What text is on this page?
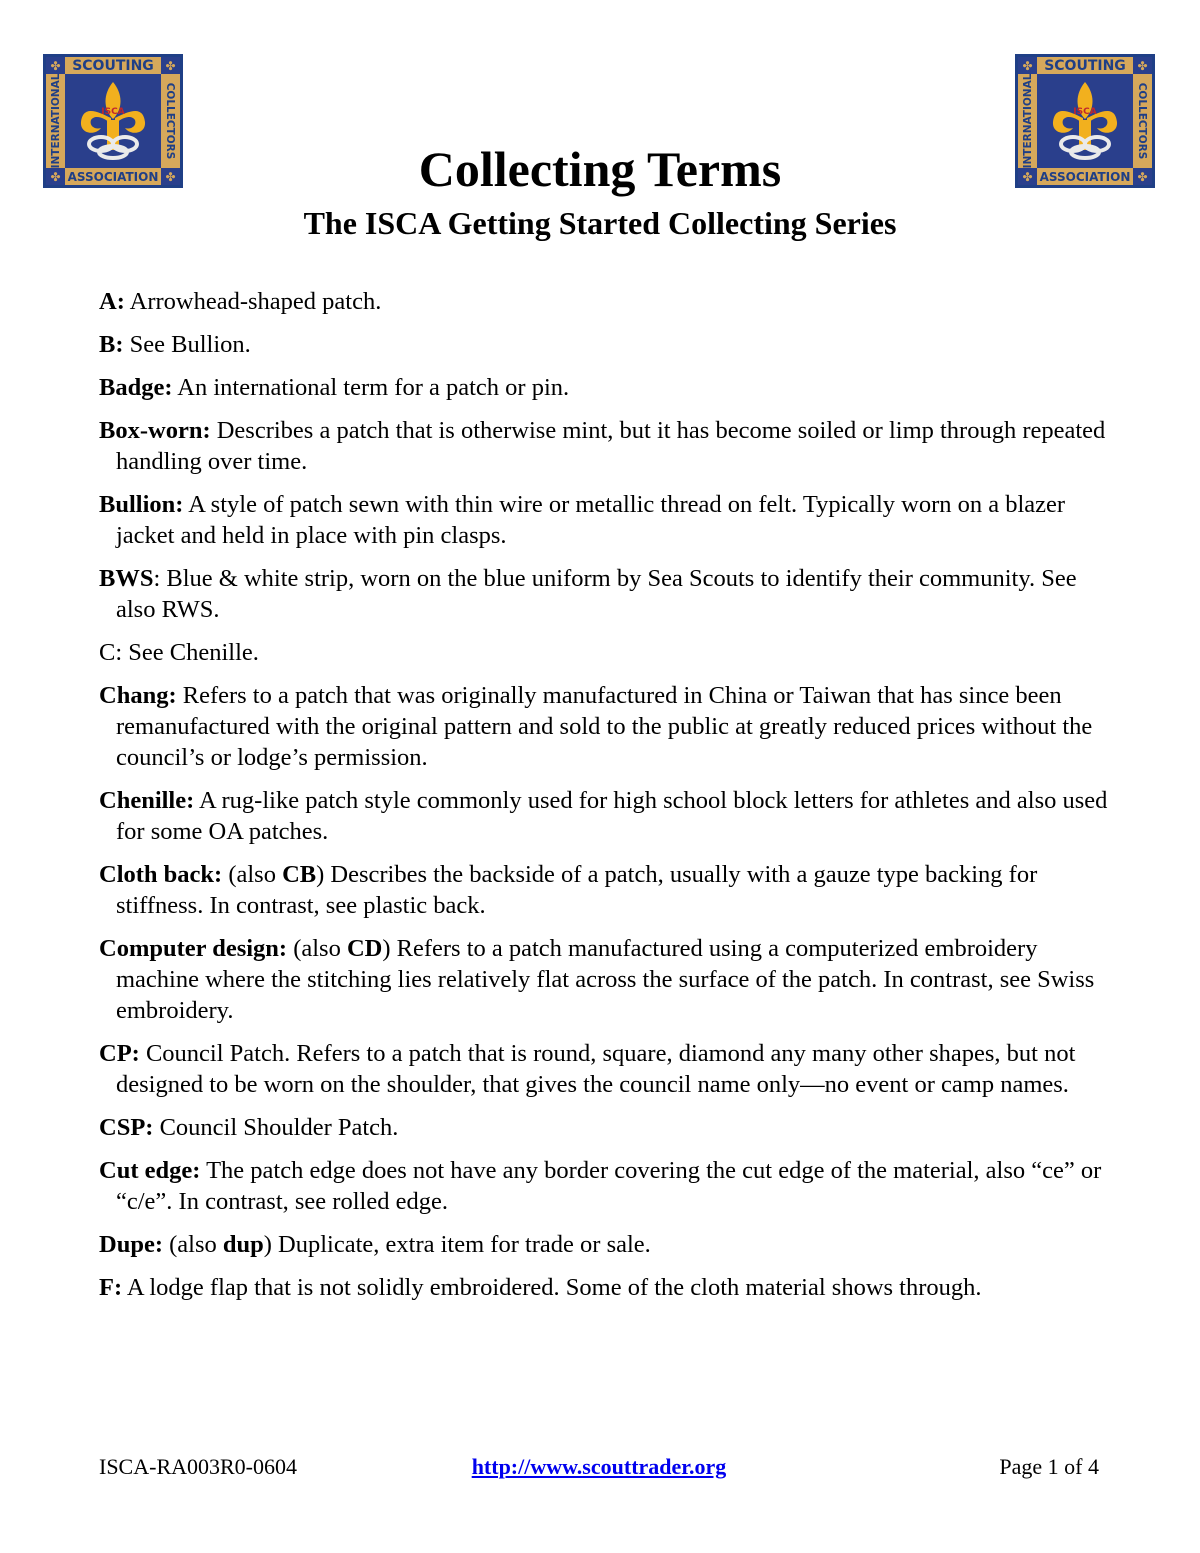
✤	✤
✤	✤
SCOUTING
ASSOCIATION
INTERNATIONAL	COLLECTORS
ISCA
✤	✤
✤	✤
SCOUTING
ASSOCIATION
INTERNATIONAL	COLLECTORS
ISCA
Collecting Terms
The ISCA Getting Started Collecting Series

A: Arrowhead-shaped patch.

B: See Bullion.

Badge: An international term for a patch or pin.

Box-worn: Describes a patch that is otherwise mint, but it has become soiled or limp through repeated handling over time.

Bullion: A style of patch sewn with thin wire or metallic thread on felt. Typically worn on a blazer jacket and held in place with pin clasps.

BWS: Blue & white strip, worn on the blue uniform by Sea Scouts to identify their community. See also RWS.

C: See Chenille.

Chang: Refers to a patch that was originally manufactured in China or Taiwan that has since been remanufactured with the original pattern and sold to the public at greatly reduced prices without the council’s or lodge’s permission.

Chenille: A rug-like patch style commonly used for high school block letters for athletes and also used for some OA patches.

Cloth back: (also CB) Describes the backside of a patch, usually with a gauze type backing for stiffness. In contrast, see plastic back.

Computer design: (also CD) Refers to a patch manufactured using a computerized embroidery machine where the stitching lies relatively flat across the surface of the patch. In contrast, see Swiss embroidery.

CP: Council Patch. Refers to a patch that is round, square, diamond any many other shapes, but not designed to be worn on the shoulder, that gives the council name only—no event or camp names.

CSP: Council Shoulder Patch.

Cut edge: The patch edge does not have any border covering the cut edge of the material, also “ce” or “c/e”. In contrast, see rolled edge.

Dupe: (also dup) Duplicate, extra item for trade or sale.

F: A lodge flap that is not solidly embroidered. Some of the cloth material shows through.

ISCA-RA003R0-0604	http://www.scouttrader.org	Page 1 of 4
